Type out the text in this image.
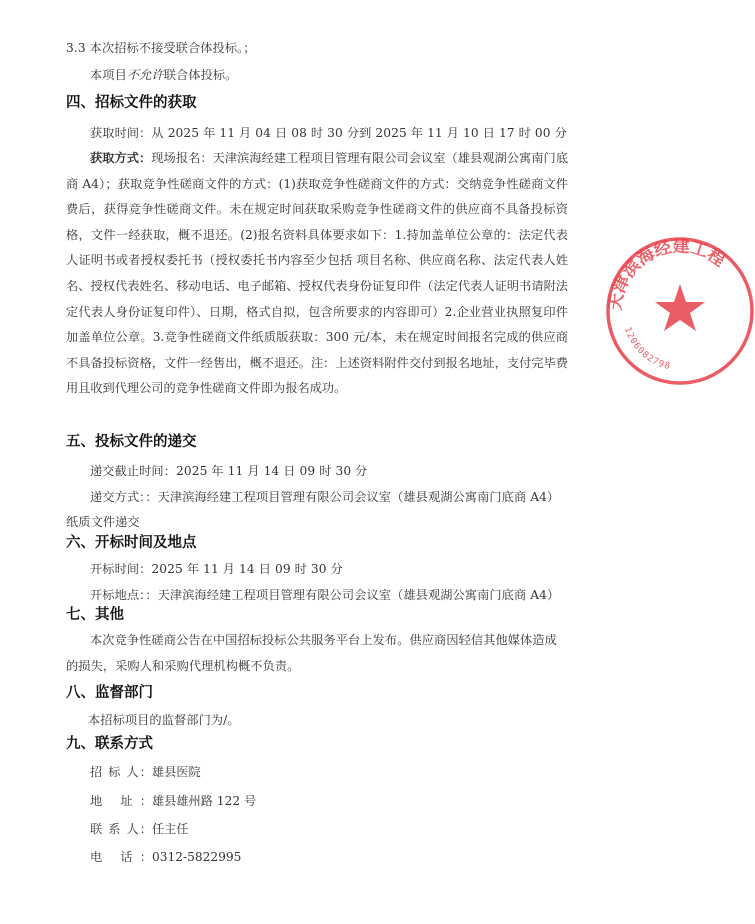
3.3 本次招标不接受联合体投标。；
本项目不允许联合体投标。
四、招标文件的获取
获取时间：从 2025 年 11 月 04 日 08 时 30 分到 2025 年 11 月 10 日 17 时 00 分
获取方式：现场报名：天津滨海经建工程项目管理有限公司会议室（雄县观湖公寓南门底商 A4）；获取竞争性磋商文件的方式：(1)获取竞争性磋商文件的方式：交纳竞争性磋商文件费后，获得竞争性磋商文件。未在规定时间获取采购竞争性磋商文件的供应商不具备投标资格，文件一经获取，概不退还。(2)报名资料具体要求如下：1.持加盖单位公章的：法定代表人证明书或者授权委托书（授权委托书内容至少包括 项目名称、供应商名称、法定代表人姓名、授权代表姓名、移动电话、电子邮箱、授权代表身份证复印件（法定代表人证明书请附法定代表人身份证复印件）、日期，格式自拟，包含所要求的内容即可）2.企业营业执照复印件加盖单位公章。3.竞争性磋商文件纸质版获取：300 元/本，未在规定时间报名完成的供应商不具备投标资格，文件一经售出，概不退还。注：上述资料附件交付到报名地址，支付完毕费用且收到代理公司的竞争性磋商文件即为报名成功。
五、投标文件的递交
递交截止时间：2025 年 11 月 14 日 09 时 30 分
递交方式：：天津滨海经建工程项目管理有限公司会议室（雄县观湖公寓南门底商 A4）
纸质文件递交
六、开标时间及地点
开标时间：2025 年 11 月 14 日 09 时 30 分
开标地点：：天津滨海经建工程项目管理有限公司会议室（雄县观湖公寓南门底商 A4）
七、其他
本次竞争性磋商公告在中国招标投标公共服务平台上发布。供应商因轻信其他媒体造成
的损失，采购人和采购代理机构概不负责。
八、监督部门
本招标项目的监督部门为/。
九、联系方式
招 标 人：雄县医院
地 址：雄县雄州路 122 号
联 系 人：任主任
电 话：0312-5822995
天津滨海经建工程
1206082798
